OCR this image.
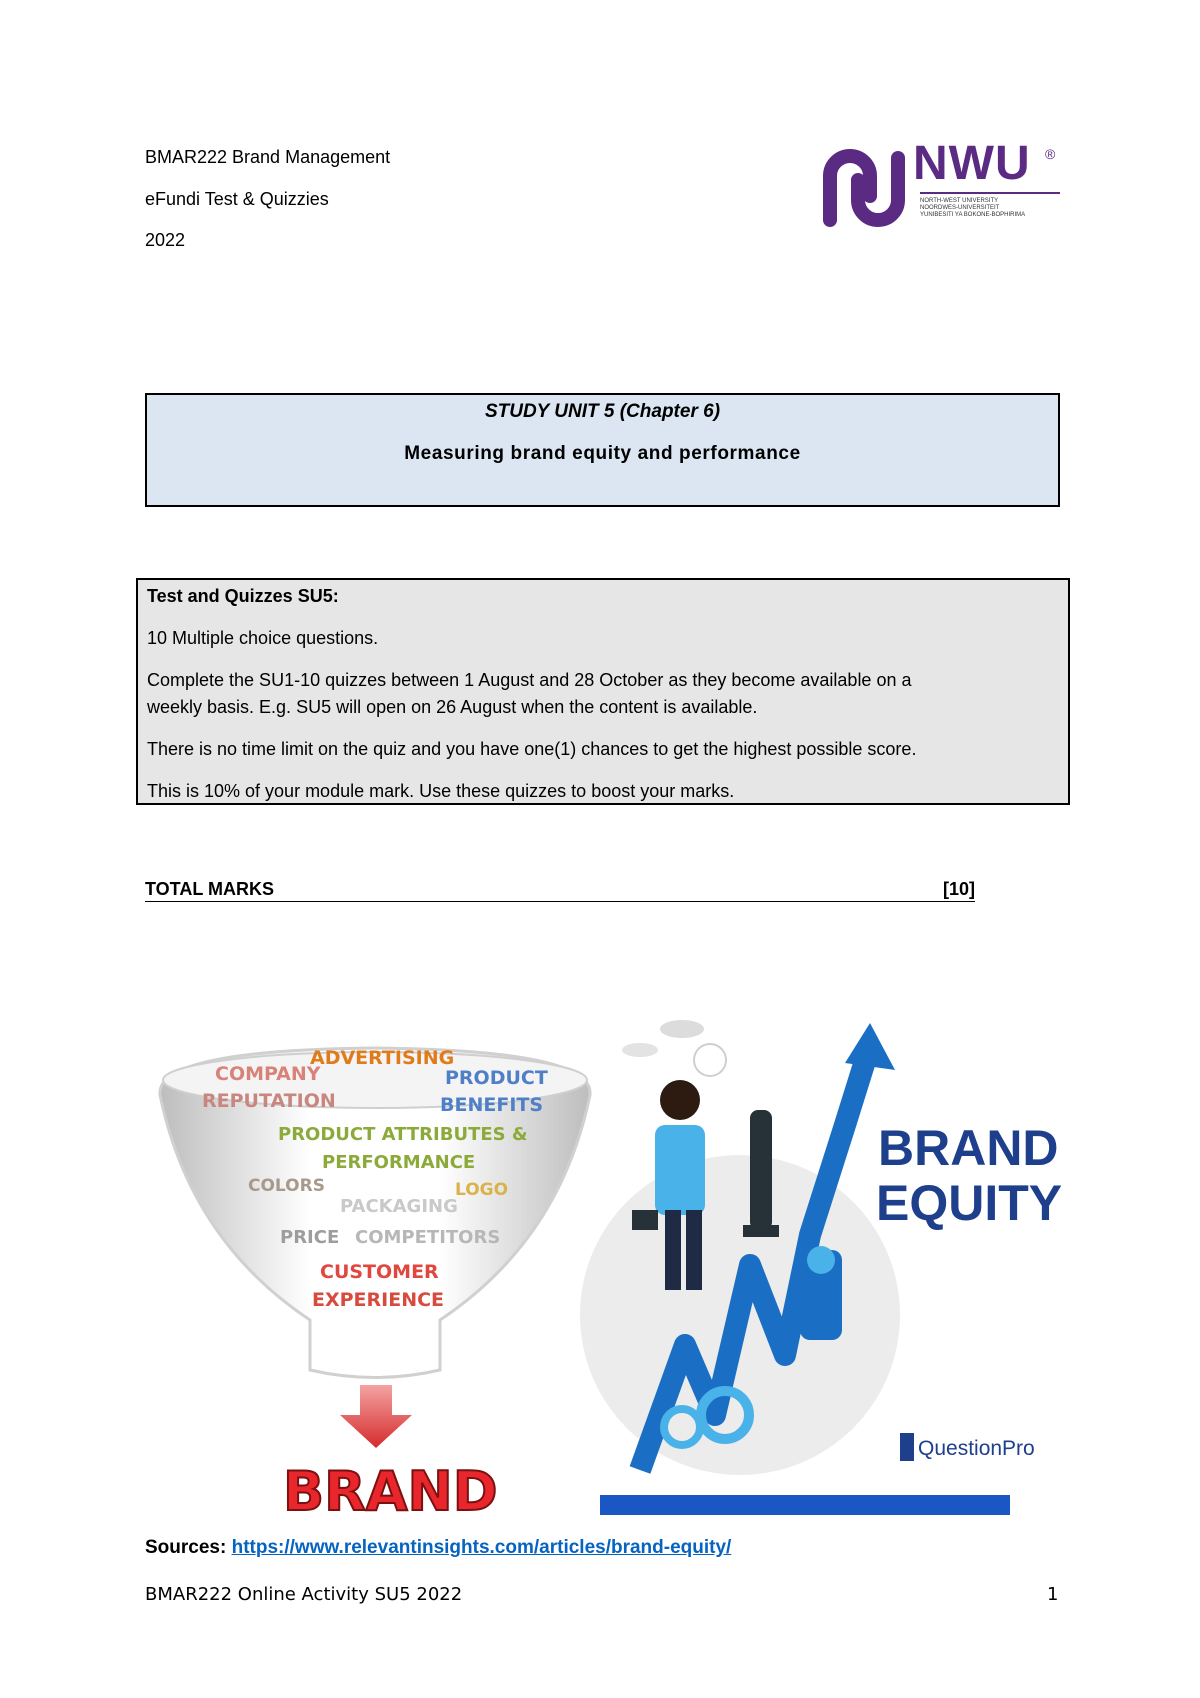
BMAR222 Brand Management
eFundi Test & Quizzies
2022
NWU ®
NORTH-WEST UNIVERSITY
NOORDWES-UNIVERSITEIT
YUNIBESITI YA BOKONE-BOPHIRIMA
STUDY UNIT 5 (Chapter 6)
Measuring brand equity and performance
Test and Quizzes SU5:
10 Multiple choice questions.
Complete the SU1-10 quizzes between 1 August and 28 October as they become available on a
weekly basis. E.g. SU5 will open on 26 August when the content is available.
There is no time limit on the quiz and you have one(1) chances to get the highest possible score.
This is 10% of your module mark. Use these quizzes to boost your marks.
TOTAL MARKS	[10]
COMPANY
REPUTATION
ADVERTISING
PRODUCT
BENEFITS
PRODUCT ATTRIBUTES &
PERFORMANCE
COLORS	LOGO
PACKAGING
PRICE COMPETITORS
CUSTOMER
EXPERIENCE
BRAND
BRAND
EQUITY
QuestionPro
Sources: https://www.relevantinsights.com/articles/brand-equity/
BMAR222 Online Activity SU5 2022	1
